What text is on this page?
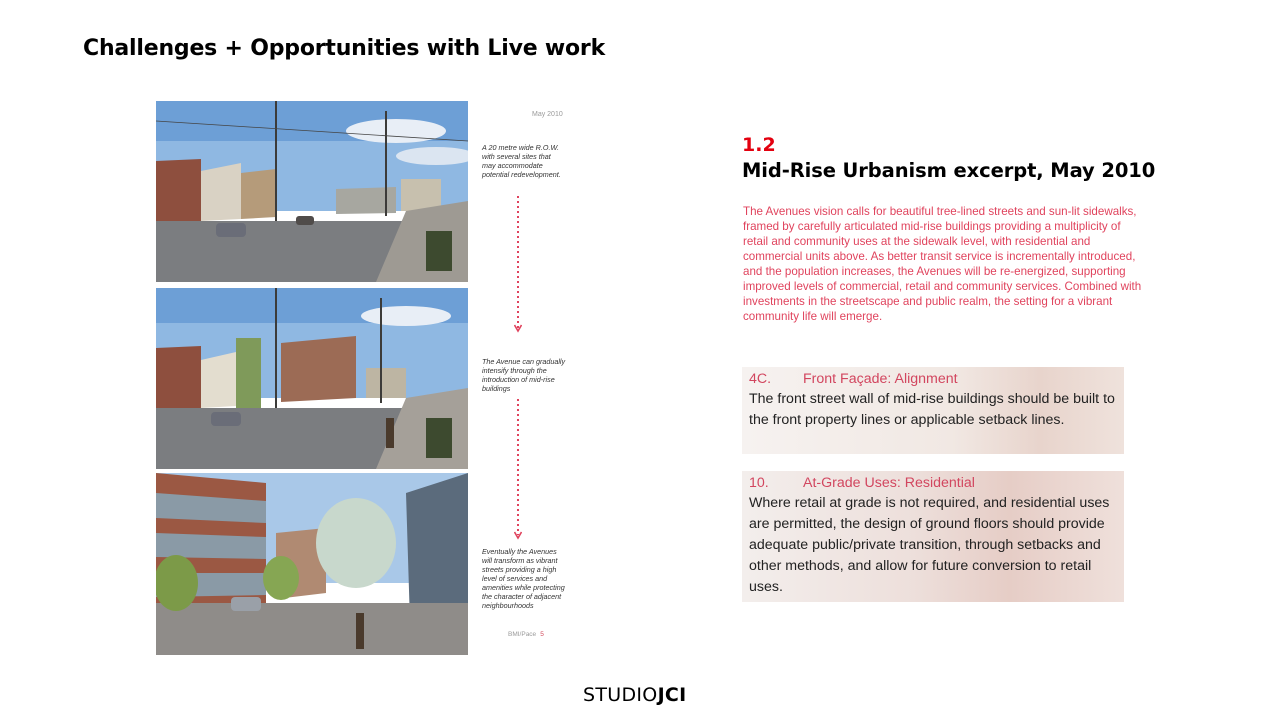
Challenges + Opportunities with Live work
May 2010
A 20 metre wide R.O.W. with several sites that may accommodate potential redevelopment.
The Avenue can gradually intensify through the introduction of mid-rise buildings
Eventually the Avenues will transform as vibrant streets providing a high level of services and amenities while protecting the character of adjacent neighbourhoods
BMI/Pace 5
1.2
Mid-Rise Urbanism excerpt, May 2010
The Avenues vision calls for beautiful tree-lined streets and sun-lit sidewalks, framed by carefully articulated mid-rise buildings providing a multiplicity of retail and community uses at the sidewalk level, with residential and commercial units above. As better transit service is incrementally introduced, and the population increases, the Avenues will be re-energized, supporting improved levels of commercial, retail and community services. Combined with investments in the streetscape and public realm, the setting for a vibrant community life will emerge.
4C.	Front Façade: Alignment
The front street wall of mid-rise buildings should be built to the front property lines or applicable setback lines.
10.	At-Grade Uses: Residential
Where retail at grade is not required, and residential uses are permitted, the design of ground floors should provide adequate public/private transition, through setbacks and other methods, and allow for future conversion to retail uses.
STUDIOJCI
